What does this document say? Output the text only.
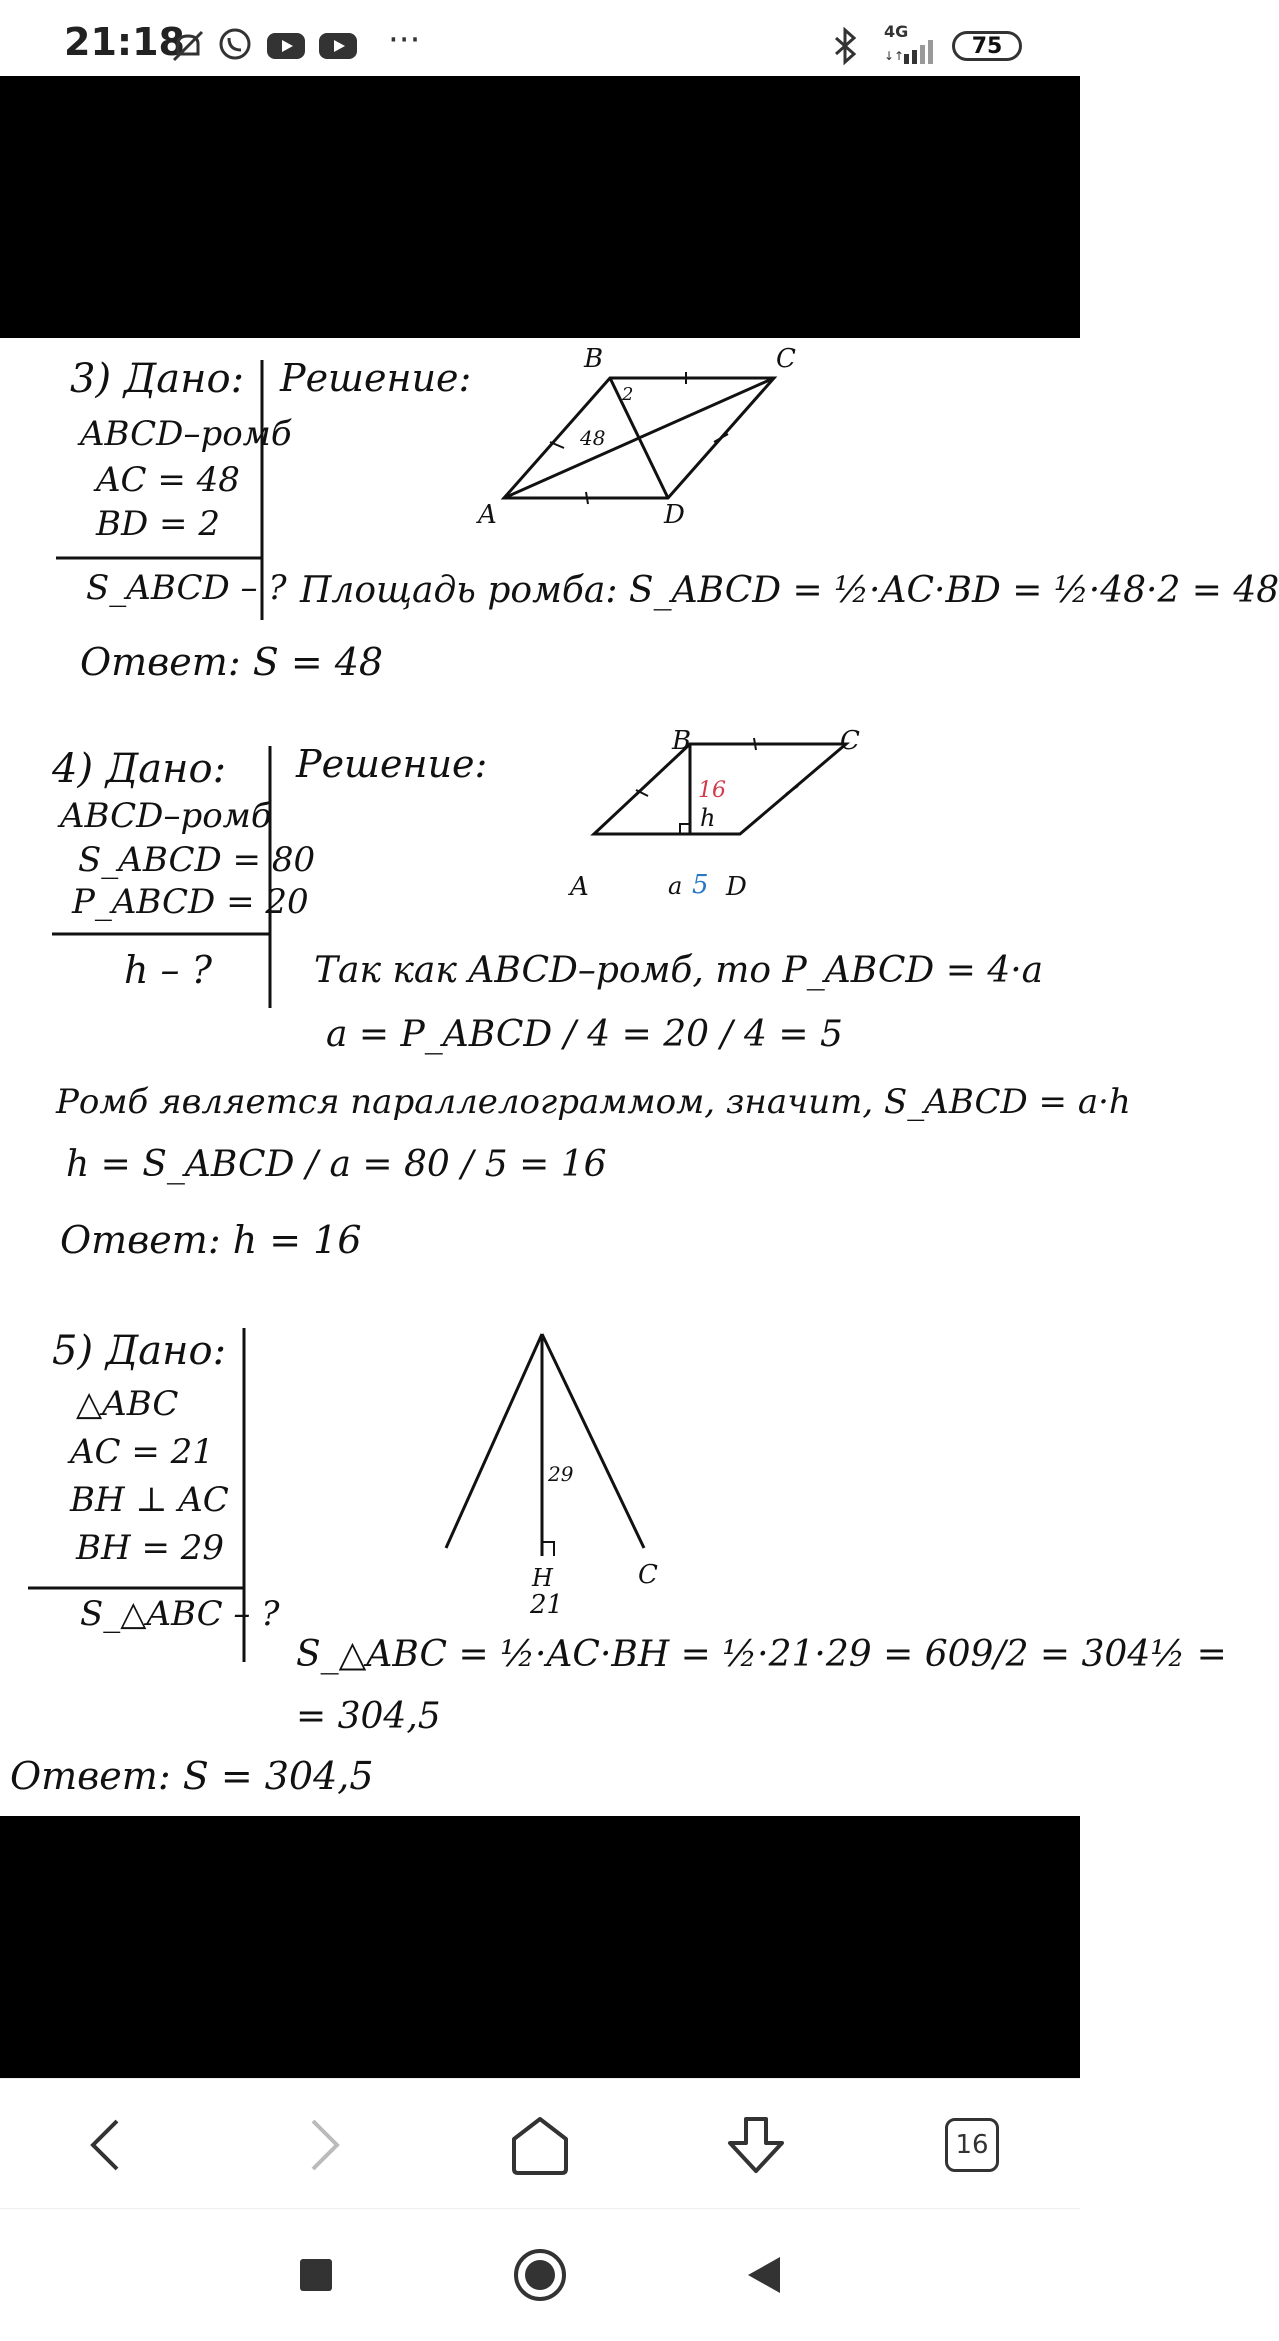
21:18	···	4G
↓↑	75
3) Дано:
ABCD–ромб
AC = 48
BD = 2
S_ABCD – ?
Решение:	B	C
A	D
48
2
Площадь ромба: S_ABCD = ½·AC·BD = ½·48·2 = 48
Ответ: S = 48
4) Дано:
ABCD–ромб
S_ABCD = 80
P_ABCD = 20
h – ?
Решение:
B	C
A	a 5 D
16
h
Так как ABCD–ромб, то P_ABCD = 4·a
a = P_ABCD / 4 = 20 / 4 = 5
Ромб является параллелограммом, значит, S_ABCD = a·h
h = S_ABCD / a = 80 / 5 = 16
Ответ: h = 16
5) Дано:
△ABC
AC = 21
BH ⊥ AC
BH = 29
S_△ABC – ?
29
H
21
C
S_△ABC = ½·AC·BH = ½·21·29 = 609/2 = 304½ =
= 304,5
Ответ: S = 304,5
16
